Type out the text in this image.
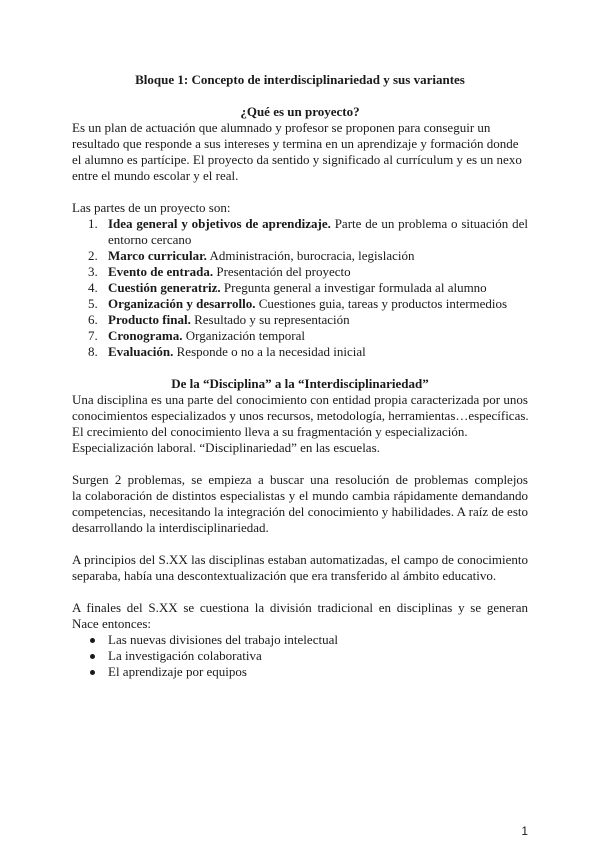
Bloque 1: Concepto de interdisciplinariedad y sus variantes
¿Qué es un proyecto?
Es un plan de actuación que alumnado y profesor se proponen para conseguir un
resultado que responde a sus intereses y termina en un aprendizaje y formación donde
el alumno es partícipe. El proyecto da sentido y significado al currículum y es un nexo
entre el mundo escolar y el real.
Las partes de un proyecto son:
1. Idea general y objetivos de aprendizaje. Parte de un problema o situación del
entorno cercano
2. Marco curricular. Administración, burocracia, legislación
3. Evento de entrada. Presentación del proyecto
4. Cuestión generatriz. Pregunta general a investigar formulada al alumno
5. Organización y desarrollo. Cuestiones guia, tareas y productos intermedios
6. Producto final. Resultado y su representación
7. Cronograma. Organización temporal
8. Evaluación. Responde o no a la necesidad inicial
De la “Disciplina” a la “Interdisciplinariedad”
Una disciplina es una parte del conocimiento con entidad propia caracterizada por unos
conocimientos especializados y unos recursos, metodología, herramientas…específicas.
El crecimiento del conocimiento lleva a su fragmentación y especialización.
Especialización laboral. “Disciplinariedad” en las escuelas.
Surgen 2 problemas, se empieza a buscar una resolución de problemas complejos
la colaboración de distintos especialistas y el mundo cambia rápidamente demandando
competencias, necesitando la integración del conocimiento y habilidades. A raíz de esto
desarrollando la interdisciplinariedad.
A principios del S.XX las disciplinas estaban automatizadas, el campo de conocimiento
separaba, había una descontextualización que era transferido al ámbito educativo.
A finales del S.XX se cuestiona la división tradicional en disciplinas y se generan
Nace entonces:
Las nuevas divisiones del trabajo intelectual
La investigación colaborativa
El aprendizaje por equipos
1
